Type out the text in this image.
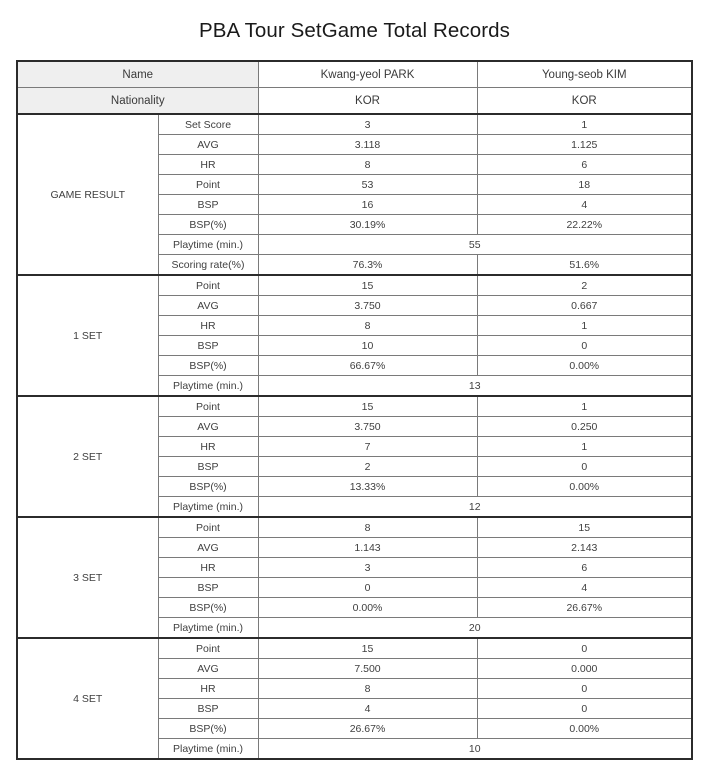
PBA Tour SetGame Total Records
Name		Kwang-yeol PARK	Young-seob KIM
Nationality		KOR	KOR
GAME RESULT	Set Score	3	1
	AVG	3.118	1.125
	HR	8	6
	Point	53	18
	BSP	16	4
	BSP(%)	30.19%	22.22%
	Playtime (min.)	55	
	Scoring rate(%)	76.3%	51.6%
1 SET	Point	15	2
	AVG	3.750	0.667
	HR	8	1
	BSP	10	0
	BSP(%)	66.67%	0.00%
	Playtime (min.)	13	
2 SET	Point	15	1
	AVG	3.750	0.250
	HR	7	1
	BSP	2	0
	BSP(%)	13.33%	0.00%
	Playtime (min.)	12	
3 SET	Point	8	15
	AVG	1.143	2.143
	HR	3	6
	BSP	0	4
	BSP(%)	0.00%	26.67%
	Playtime (min.)	20	
4 SET	Point	15	0
	AVG	7.500	0.000
	HR	8	0
	BSP	4	0
	BSP(%)	26.67%	0.00%
	Playtime (min.)	10	
